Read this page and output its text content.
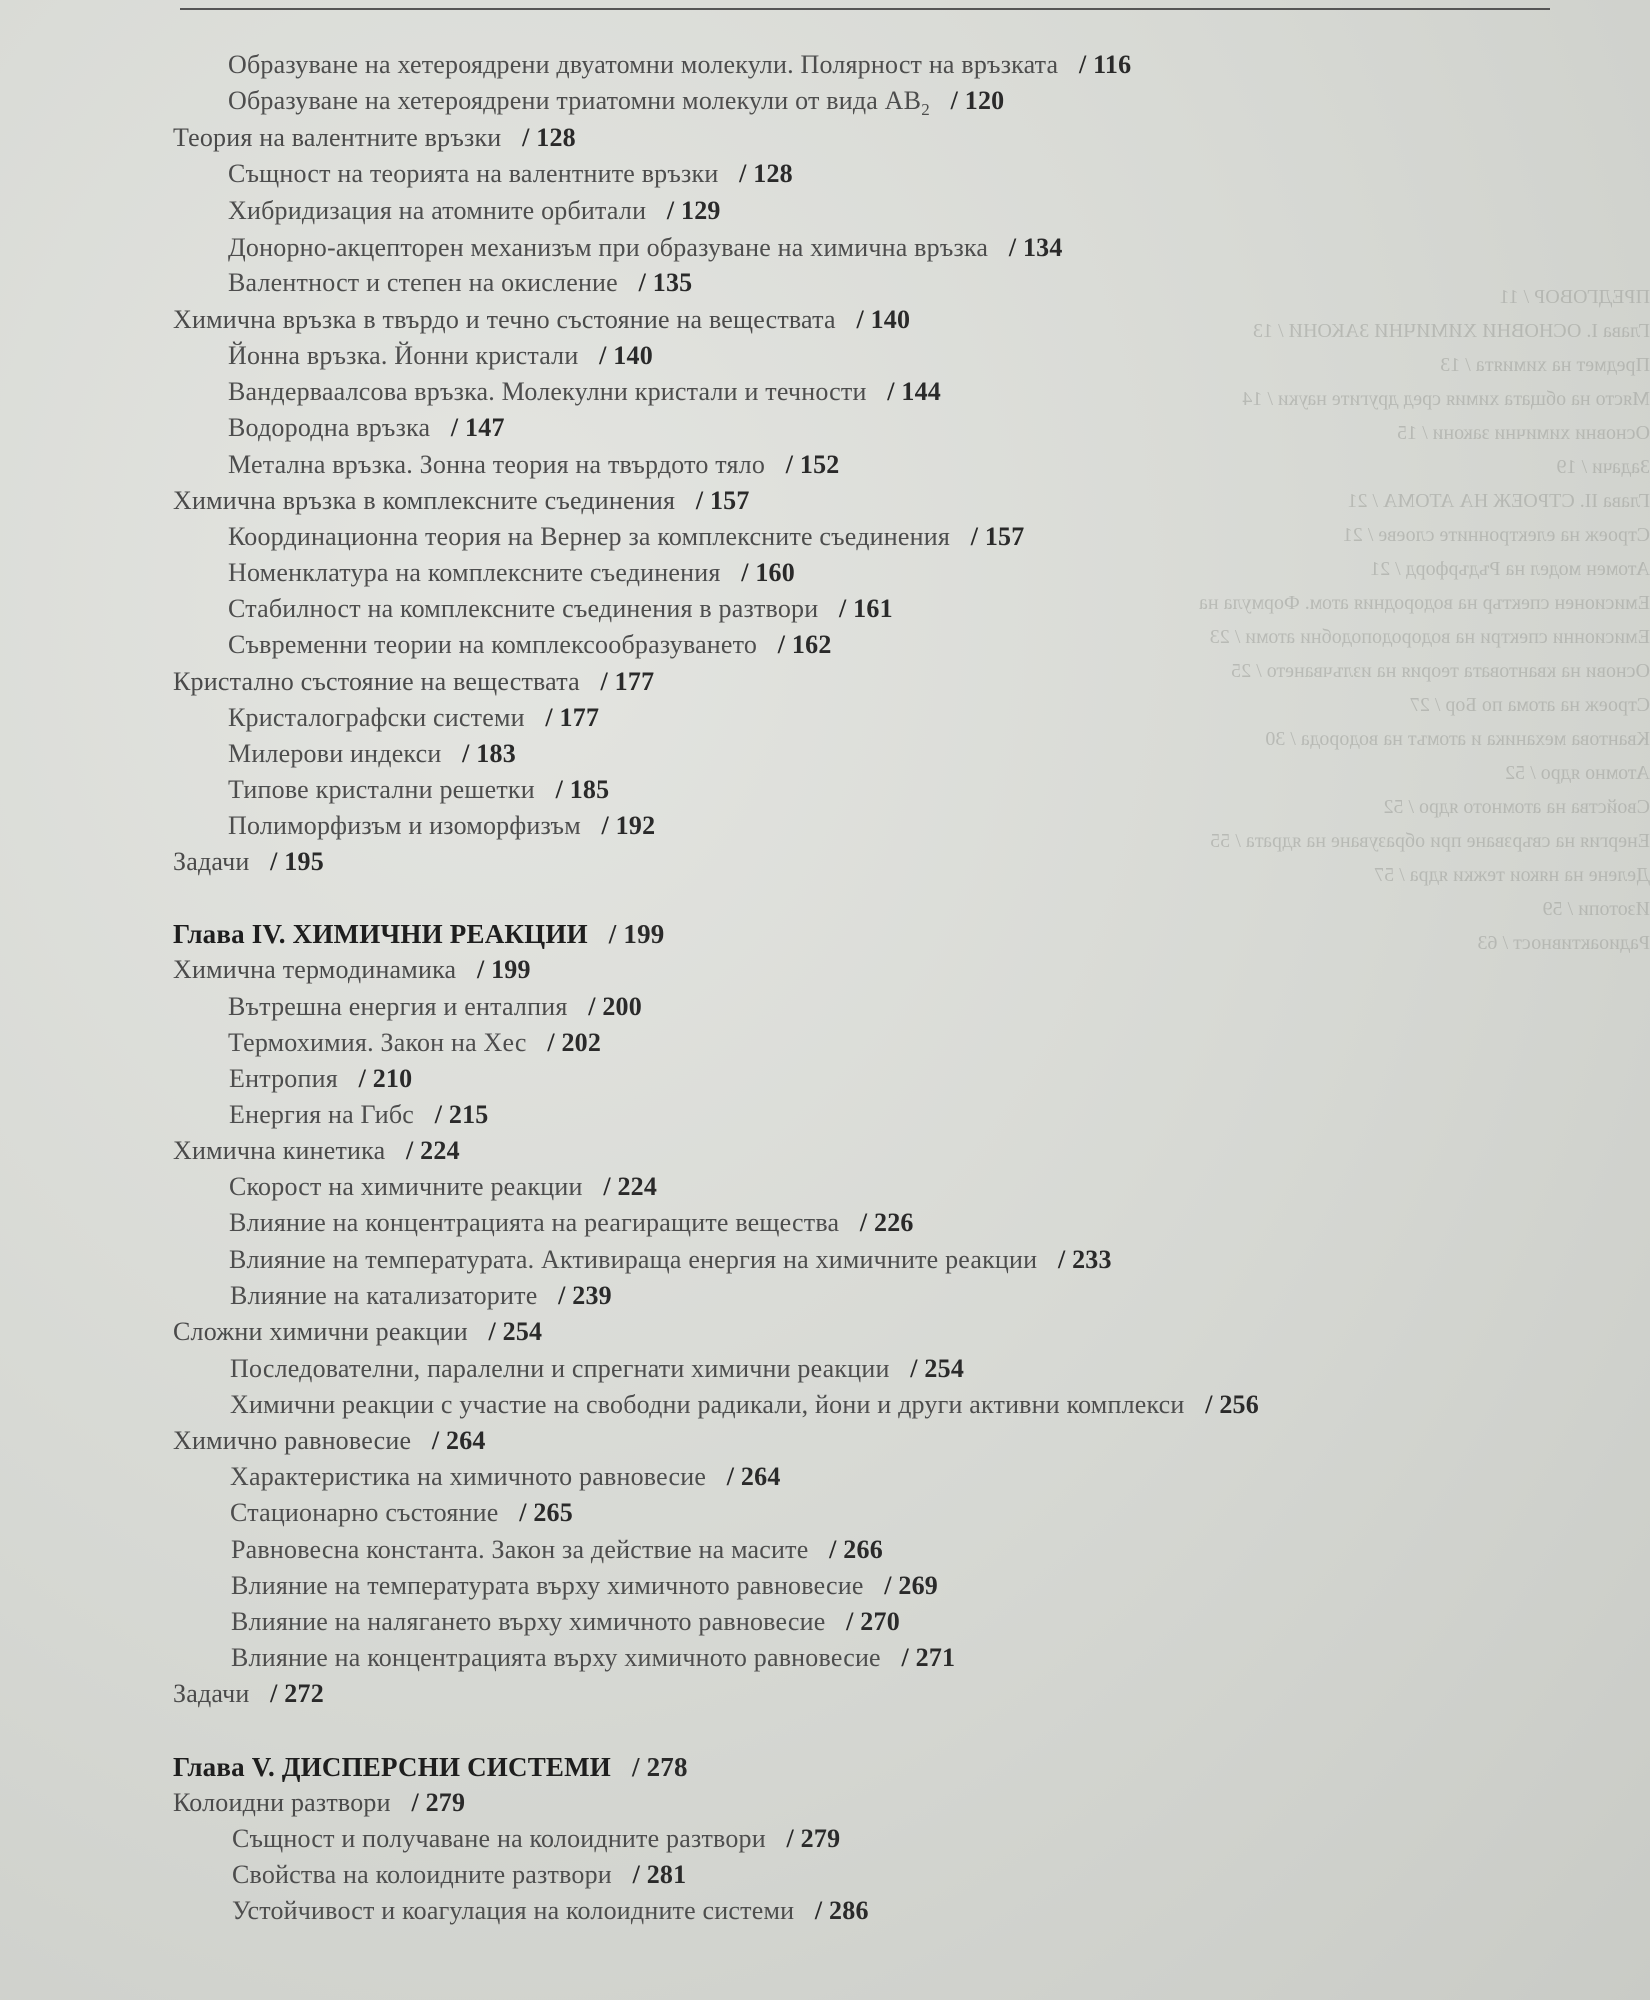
ПРЕДГОВОР / 11
Глава I. ОСНОВНИ ХИМИЧНИ ЗАКОНИ / 13
Предмет на химията / 13
Място на общата химия сред другите науки / 14
Основни химични закони / 15
Задачи / 19
Глава II. СТРОЕЖ НА АТОМА / 21
Строеж на електронните слоеве / 21
Атомен модел на Ръдърфорд / 21
Емисионен спектър на водородния атом. Формула на
Емисионни спектри на водородоподобни атоми / 23
Основи на квантовата теория на излъчването / 25
Строеж на атома по Бор / 27
Квантова механика и атомът на водорода / 30
Атомно ядро / 52
Свойства на атомното ядро / 52
Енергия на свързване при образуване на ядрата / 55
Делене на някои тежки ядра / 57
Изотопи / 59
Радиоактивност / 63
Образуване на хетероядрени двуатомни молекули. Полярност на връзката / 116
Образуване на хетероядрени триатомни молекули от вида $AB_2 / 120$
Теория на валентните връзки / 128
Същност на теорията на валентните връзки / 128
Хибридизация на атомните орбитали / 129
Донорно-акцепторен механизъм при образуване на химична връзка / 134
Валентност и степен на окисление / 135
Химична връзка в твърдо и течно състояние на веществата / 140
Йонна връзка. Йонни кристали / 140
Вандерваалсова връзка. Молекулни кристали и течности / 144
Водородна връзка / 147
Метална връзка. Зонна теория на твърдото тяло / 152
Химична връзка в комплексните съединения / 157
Координационна теория на Вернер за комплексните съединения / 157
Номенклатура на комплексните съединения / 160
Стабилност на комплексните съединения в разтвори / 161
Съвременни теории на комплексообразуването / 162
Кристално състояние на веществата / 177
Кристалографски системи / 177
Милерови индекси / 183
Типове кристални решетки / 185
Полиморфизъм и изоморфизъм / 192
Задачи / 195
Глава IV. ХИМИЧНИ РЕАКЦИИ / 199
Химична термодинамика / 199
Вътрешна енергия и енталпия / 200
Термохимия. Закон на Хес / 202
Ентропия / 210
Енергия на Гибс / 215
Химична кинетика / 224
Скорост на химичните реакции / 224
Влияние на концентрацията на реагиращите вещества / 226
Влияние на температурата. Активираща енергия на химичните реакции / 233
Влияние на катализаторите / 239
Сложни химични реакции / 254
Последователни, паралелни и спрегнати химични реакции / 254
Химични реакции с участие на свободни радикали, йони и други активни комплекси / 256
Химично равновесие / 264
Характеристика на химичното равновесие / 264
Стационарно състояние / 265
Равновесна константа. Закон за действие на масите / 266
Влияние на температурата върху химичното равновесие / 269
Влияние на налягането върху химичното равновесие / 270
Влияние на концентрацията върху химичното равновесие / 271
Задачи / 272
Глава V. ДИСПЕРСНИ СИСТЕМИ / 278
Колоидни разтвори / 279
Същност и получаване на колоидните разтвори / 279
Свойства на колоидните разтвори / 281
Устойчивост и коагулация на колоидните системи / 286
